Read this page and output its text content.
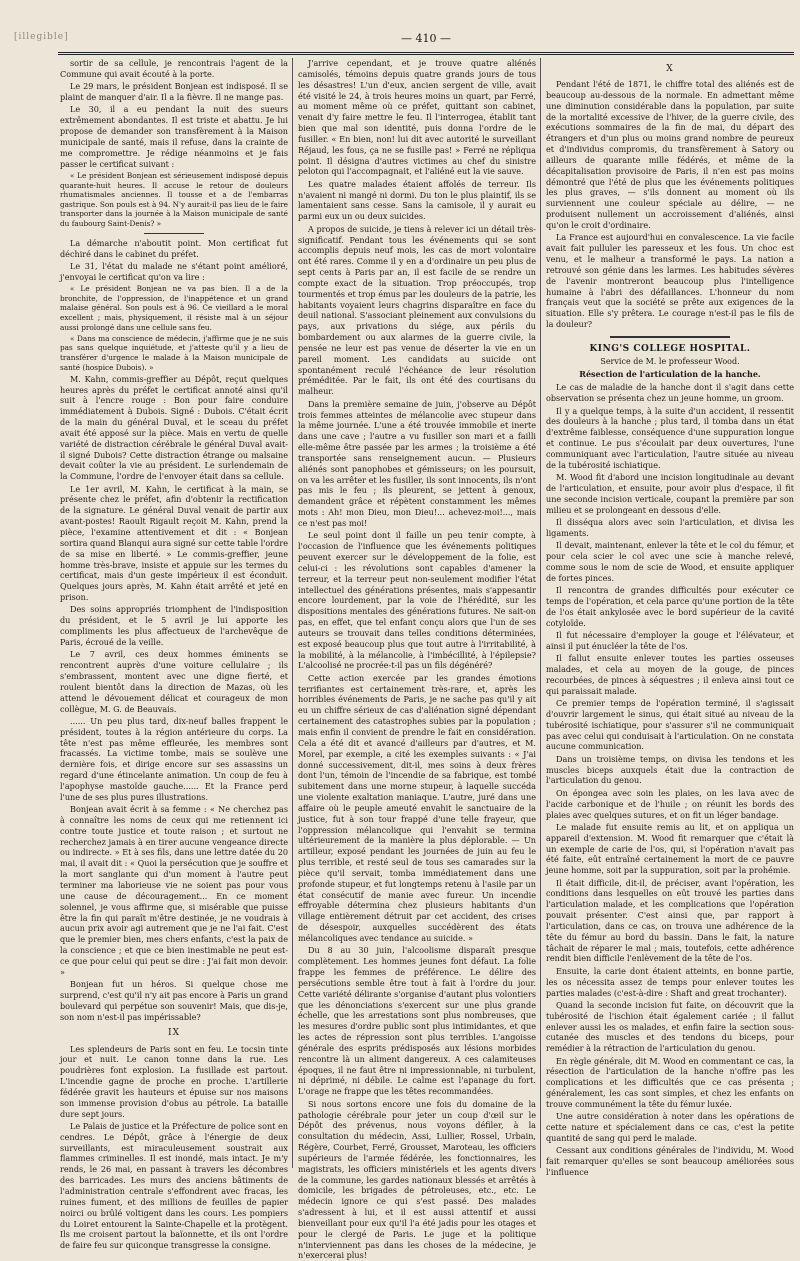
[illegible]	— 410 —

sortir de sa cellule, je rencontrais l'agent de la Commune qui avait écouté à la porte.

Le 29 mars, le président Bonjean est indisposé. Il se plaint de manquer d'air. Il a la fièvre. Il ne mange pas.

Le 30, il a eu pendant la nuit des sueurs extrêmement abondantes. Il est triste et abattu. Je lui propose de demander son transfèrement à la Maison municipale de santé, mais il refuse, dans la crainte de me compromettre. Je rédige néanmoins et je fais passer le certificat suivant :

« Le président Bonjean est sérieusement indisposé depuis quarante-huit heures. Il accuse le retour de douleurs rhumatismales anciennes. Il tousse et a de l'embarras gastrique. Son pouls est à 94. N'y aurait-il pas lieu de le faire transporter dans la journée à la Maison municipale de santé du faubourg Saint-Denis? »

La démarche n'aboutit point. Mon certificat fut déchiré dans le cabinet du préfet.

Le 31, l'état du malade ne s'étant point amélioré, j'envoyai le certificat qu'on va lire :

« Le président Bonjean ne va pas bien. Il a de la bronchite, de l'oppression, de l'inappétence et un grand malaise général. Son pouls est à 96. Ce vieillard a le moral excellent ; mais, physiquement, il résiste mal à un séjour aussi prolongé dans une cellule sans feu.

« Dans ma conscience de médecin, j'affirme que je ne suis pas sans quelque inquiétude, et j'atteste qu'il y a lieu de transférer d'urgence le malade à la Maison municipale de santé (hospice Dubois). »

M. Kahn, commis-greffier au Dépôt, reçut quelques heures après du préfet le certificat annoté ainsi qu'il suit à l'encre rouge : Bon pour faire conduire immédiatement à Dubois. Signé : Dubois. C'était écrit de la main du général Duval, et le sceau du préfet avait été apposé sur la pièce. Mais en vertu de quelle variété de distraction cérébrale le général Duval avait-il signé Dubois? Cette distraction étrange ou malsaine devait coûter la vie au président. Le surlendemain de la Commune, l'ordre de l'envoyer était dans sa cellule.

Le 1er avril, M. Kahn, le certificat à la main, se présente chez le préfet, afin d'obtenir la rectification de la signature. Le général Duval venait de partir aux avant-postes! Raoult Rigault reçoit M. Kahn, prend la pièce, l'examine attentivement et dit : « Bonjean sortira quand Blanqui aura signé sur cette table l'ordre de sa mise en liberté. » Le commis-greffier, jeune homme très-brave, insiste et appuie sur les termes du certificat, mais d'un geste impérieux il est éconduit. Quelques jours après, M. Kahn était arrêté et jeté en prison.

Des soins appropriés triomphent de l'indisposition du président, et le 5 avril je lui apporte les compliments les plus affectueux de l'archevêque de Paris, écroué de la veille.

Le 7 avril, ces deux hommes éminents se rencontrent auprès d'une voiture cellulaire ; ils s'embrassent, montent avec une digne fierté, et roulent bientôt dans la direction de Mazas, où les attend le dévouement délicat et courageux de mon collègue, M. G. de Beauvais.

...... Un peu plus tard, dix-neuf balles frappent le président, toutes à la région antérieure du corps. La tête n'est pas même effleurée, les membres sont fracassés. La victime tombe, mais se soulève une dernière fois, et dirige encore sur ses assassins un regard d'une étincelante animation. Un coup de feu à l'apophyse mastoïde gauche...... Et la France perd l'une de ses plus pures illustrations.

Bonjean avait écrit à sa femme : « Ne cherchez pas à connaître les noms de ceux qui me retiennent ici contre toute justice et toute raison ; et surtout ne recherchez jamais à en tirer aucune vengeance directe ou indirecte. » Et à ses fils, dans une lettre datée du 20 mai, il avait dit : « Quoi la persécution que je souffre et la mort sanglante qui d'un moment à l'autre peut terminer ma laborieuse vie ne soient pas pour vous une cause de découragement... En ce moment solennel, je vous affirme que, si misérable que puisse être la fin qui paraît m'être destinée, je ne voudrais à aucun prix avoir agi autrement que je ne l'ai fait. C'est que le premier bien, mes chers enfants, c'est la paix de la conscience ; et que ce bien inestimable ne peut est-ce que pour celui qui peut se dire : J'ai fait mon devoir. »

Bonjean fut un héros. Si quelque chose me surprend, c'est qu'il n'y ait pas encore à Paris un grand boulevard qui perpétue son souvenir! Mais, que dis-je, son nom n'est-il pas impérissable?

IX

Les splendeurs de Paris sont en feu. Le tocsin tinte jour et nuit. Le canon tonne dans la rue. Les poudrières font explosion. La fusillade est partout. L'incendie gagne de proche en proche. L'artillerie fédérée gravit les hauteurs et épuise sur nos maisons son immense provision d'obus au pétrole. La bataille dure sept jours.

Le Palais de justice et la Préfecture de police sont en cendres. Le Dépôt, grâce à l'énergie de deux surveillants, est miraculeusement soustrait aux flammes criminelles. Il est inondé, mais intact. Je m'y rends, le 26 mai, en passant à travers les décombres des barricades. Les murs des anciens bâtiments de l'administration centrale s'effondrent avec fracas, les ruines fument, et des millions de feuilles de papier noirci ou brûlé voltigent dans les cours. Les pompiers du Loiret entourent la Sainte-Chapelle et la protègent. Ils me croisent partout la baïonnette, et ils ont l'ordre de faire feu sur quiconque transgresse la consigne.

J'arrive cependant, et je trouve quatre aliénés camisolés, témoins depuis quatre grands jours de tous les désastres! L'un d'eux, ancien sergent de ville, avait été visité le 24, à trois heures moins un quart, par Ferré, au moment même où ce préfet, quittant son cabinet, venait d'y faire mettre le feu. Il l'interrogea, établit tant bien que mal son identité, puis donna l'ordre de le fusiller. « En bien, non! lui dit avec autorité le surveillant Réjaud, les fous, ça ne se fusille pas! » Ferré ne répliqua point. Il désigna d'autres victimes au chef du sinistre peloton qui l'accompagnait, et l'aliéné eut la vie sauve.

Les quatre malades étaient affolés de terreur. Ils n'avaient ni mangé ni dormi. Du ton le plus plaintif, ils se lamentaient sans cesse. Sans la camisole, il y aurait eu parmi eux un ou deux suicides.

A propos de suicide, je tiens à relever ici un détail très-significatif. Pendant tous les événements qui se sont accomplis depuis neuf mois, les cas de mort volontaire ont été rares. Comme il y en a d'ordinaire un peu plus de sept cents à Paris par an, il est facile de se rendre un compte exact de la situation. Trop préoccupés, trop tourmentés et trop émus par les douleurs de la patrie, les habitants voyaient leurs chagrins disparaître en face du deuil national. S'associant pleinement aux convulsions du pays, aux privations du siége, aux périls du bombardement ou aux alarmes de la guerre civile, la pensée ne leur est pas venue de déserter la vie en un pareil moment. Les candidats au suicide ont spontanément reculé l'échéance de leur résolution préméditée. Par le fait, ils ont été des courtisans du malheur.

Dans la première semaine de juin, j'observe au Dépôt trois femmes atteintes de mélancolie avec stupeur dans la même journée. L'une a été trouvée immobile et inerte dans une cave ; l'autre a vu fusiller son mari et a failli elle-même être passée par les armes ; la troisième a été transportée sans renseignement aucun. — Plusieurs aliénés sont panophobes et gémisseurs; on les poursuit, on va les arrêter et les fusiller, ils sont innocents, ils n'ont pas mis le feu ; ils pleurent, se jettent à genoux, demandent grâce et répètent constamment les mêmes mots : Ah! mon Dieu, mon Dieu!... achevez-moi!..., mais ce n'est pas moi!

Le seul point dont il faille un peu tenir compte, à l'occasion de l'influence que les événements politiques peuvent exercer sur le développement de la folie, est celui-ci : les révolutions sont capables d'amener la terreur, et la terreur peut non-seulement modifier l'état intellectuel des générations présentes, mais s'appesantir encore lourdement, par la voie de l'hérédité, sur les dispositions mentales des générations futures. Ne sait-on pas, en effet, que tel enfant conçu alors que l'un de ses auteurs se trouvait dans telles conditions déterminées, est exposé beaucoup plus que tout autre à l'irritabilité, à la mobilité, à la mélancolie, à l'imbécillité, à l'épilepsie? L'alcoolisé ne procrée-t-il pas un fils dégénéré?

Cette action exercée par les grandes émotions terrifiantes est certainement très-rare, et, après les horribles événements de Paris, je ne sache pas qu'il y ait eu un chiffre sérieux de cas d'aliénation signé dépendant certainement des catastrophes subies par la population ; mais enfin il convient de prendre le fait en considération. Cela a été dit et avancé d'ailleurs par d'autres, et M. Morel, par exemple, a cité les exemples suivants : « J'ai donné successivement, dit-il, mes soins à deux frères dont l'un, témoin de l'incendie de sa fabrique, est tombé subitement dans une morne stupeur, à laquelle succéda une violente exaltation maniaque. L'autre, juré dans une affaire où le peuple ameuté envahit le sanctuaire de la justice, fut à son tour frappé d'une telle frayeur, que l'oppression mélancolique qui l'envahit se termina ultérieurement de la manière la plus déplorable. — Un artilleur, exposé pendant les journées de juin au feu le plus terrible, et resté seul de tous ses camarades sur la pièce qu'il servait, tomba immédiatement dans une profonde stupeur, et fut longtemps retenu à l'asile par un état consécutif de manie avec fureur. Un incendie effroyable détermina chez plusieurs habitants d'un village entièrement détruit par cet accident, des crises de désespoir, auxquelles succédèrent des états mélancoliques avec tendance au suicide. »

Du 8 au 30 juin, l'alcoolisme disparaît presque complètement. Les hommes jeunes font défaut. La folie frappe les femmes de préférence. Le délire des persécutions semble être tout à fait à l'ordre du jour. Cette variété délirante s'organise d'autant plus volontiers que les dénonciations s'exercent sur une plus grande échelle, que les arrestations sont plus nombreuses, que les mesures d'ordre public sont plus intimidantes, et que les actes de répression sont plus terribles. L'angoisse générale des esprits prédisposés aux lésions morbides rencontre là un aliment dangereux. A ces calamiteuses époques, il ne faut être ni impressionnable, ni turbulent, ni déprimé, ni débile. Le calme est l'apanage du fort. L'orage ne frappe que les têtes recommandées.

Si nous sortons encore une fois du domaine de la pathologie cérébrale pour jeter un coup d'œil sur le Dépôt des prévenus, nous voyons défiler, à la consultation du médecin, Assi, Lullier, Rossel, Urbain, Régère, Courbet, Ferré, Grousset, Maroteau, les officiers supérieurs de l'armée fédérée, les fonctionnaires, les magistrats, les officiers ministériels et les agents divers de la commune, les gardes nationaux blessés et arrêtés à domicile, les brigades de pétroleuses, etc., etc. Le médecin ignore ce qui s'est passé. Des malades s'adressent à lui, et il est aussi attentif et aussi bienveillant pour eux qu'il l'a été jadis pour les otages et pour le clergé de Paris. Le juge et la politique n'interviennent pas dans les choses de la médecine, je n'exercerai plus!

X

Pendant l'été de 1871, le chiffre total des aliénés est de beaucoup au-dessous de la normale. En admettant même une diminution considérable dans la population, par suite de la mortalité excessive de l'hiver, de la guerre civile, des exécutions sommaires de la fin de mai, du départ des étrangers et d'un plus ou moins grand nombre de peureux et d'individus compromis, du transfèrement à Satory ou ailleurs de quarante mille fédérés, et même de la décapitalisation provisoire de Paris, il n'en est pas moins démontré que l'été de plus que les événements politiques les plus graves, — s'ils donnent au moment où ils surviennent une couleur spéciale au délire, — ne produisent nullement un accroissement d'aliénés, ainsi qu'on le croit d'ordinaire.

La France est aujourd'hui en convalescence. La vie facile avait fait pulluler les paresseux et les fous. Un choc est venu, et le malheur a transformé le pays. La nation a retrouvé son génie dans les larmes. Les habitudes sévères de l'avenir montreront beaucoup plus l'intelligence humaine à l'abri des défaillances. L'honneur du nom français veut que la société se prête aux exigences de la situation. Elle s'y prêtera. Le courage n'est-il pas le fils de la douleur?

KING'S COLLEGE HOSPITAL.
Service de M. le professeur Wood.
Résection de l'articulation de la hanche.

Le cas de maladie de la hanche dont il s'agit dans cette observation se présenta chez un jeune homme, un groom.

Il y a quelque temps, à la suite d'un accident, il ressentit des douleurs à la hanche ; plus tard, il tomba dans un état d'extrême faiblesse, conséquence d'une suppuration longue et continue. Le pus s'écoulait par deux ouvertures, l'une communiquant avec l'articulation, l'autre située au niveau de la tubérosité ischiatique.

M. Wood fit d'abord une incision longitudinale au devant de l'articulation, et ensuite, pour avoir plus d'espace, il fit une seconde incision verticale, coupant la première par son milieu et se prolongeant en dessous d'elle.

Il disséqua alors avec soin l'articulation, et divisa les ligaments.

Il devait, maintenant, enlever la tête et le col du fémur, et pour cela scier le col avec une scie à manche relevé, comme sous le nom de scie de Wood, et ensuite appliquer de fortes pinces.

Il rencontra de grandes difficultés pour exécuter ce temps de l'opération, et cela parce qu'une portion de la tête de l'os était ankylosée avec le bord supérieur de la cavité cotyloïde.

Il fut nécessaire d'employer la gouge et l'élévateur, et ainsi il put énucléer la tête de l'os.

Il fallut ensuite enlever toutes les parties osseuses malades, et cela au moyen de la gouge, de pinces recourbées, de pinces à séquestres ; il enleva ainsi tout ce qui paraissait malade.

Ce premier temps de l'opération terminé, il s'agissait d'ouvrir largement le sinus, qui était situé au niveau de la tubérosité ischiatique, pour s'assurer s'il ne communiquait pas avec celui qui conduisait à l'articulation. On ne constata aucune communication.

Dans un troisième temps, on divisa les tendons et les muscles biceps auxquels était due la contraction de l'articulation du genou.

On épongea avec soin les plaies, on les lava avec de l'acide carbonique et de l'huile ; on réunit les bords des plaies avec quelques sutures, et on fit un léger bandage.

Le malade fut ensuite remis au lit, et on appliqua un appareil d'extension. M. Wood fit remarquer que c'était là un exemple de carie de l'os, qui, si l'opération n'avait pas été faite, eût entraîné certainement la mort de ce pauvre jeune homme, soit par la suppuration, soit par la prohémie.

Il était difficile, dit-il, de préciser, avant l'opération, les conditions dans lesquelles on eût trouvé les parties dans l'articulation malade, et les complications que l'opération pouvait présenter. C'est ainsi que, par rapport à l'articulation, dans ce cas, on trouva une adhérence de la tête du fémur au bord du bassin. Dans le fait, la nature tâchait de réparer le mal ; mais, toutefois, cette adhérence rendit bien difficile l'enlèvement de la tête de l'os.

Ensuite, la carie dont étaient atteints, en bonne partie, les os nécessita assez de temps pour enlever toutes les parties malades (c'est-à-dire : Shaft and great trochanter).

Quand la seconde incision fut faite, on découvrit que la tubérosité de l'ischion était également cariée ; il fallut enlever aussi les os malades, et enfin faire la section sous-cutanée des muscles et des tendons du biceps, pour remédier à la rétraction de l'articulation du genou.

En règle générale, dit M. Wood en commentant ce cas, la résection de l'articulation de la hanche n'offre pas les complications et les difficultés que ce cas présenta ; généralement, les cas sont simples, et chez les enfants on trouve communément la tête du fémur luxée.

Une autre considération à noter dans les opérations de cette nature et spécialement dans ce cas, c'est la petite quantité de sang qui perd le malade.

Cessant aux conditions générales de l'individu, M. Wood fait remarquer qu'elles se sont beaucoup améliorées sous l'influence
